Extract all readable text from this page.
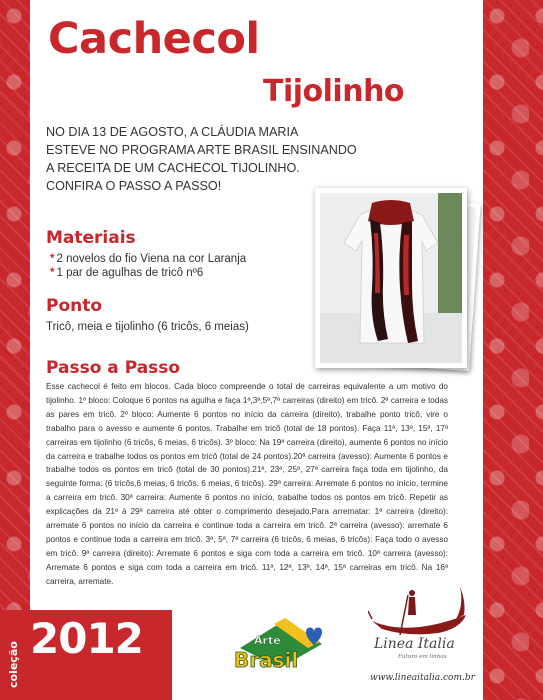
Cachecol
Tijolinho

NO DIA 13 DE AGOSTO, A CLÁUDIA MARIA
ESTEVE NO PROGRAMA ARTE BRASIL ENSINANDO
A RECEITA DE UM CACHECOL TIJOLINHO.
CONFIRA O PASSO A PASSO!

Materiais
* 2 novelos do fio Viena na cor Laranja
* 1 par de agulhas de tricô nº6
Ponto

Tricô, meia e tijolinho (6 tricôs, 6 meias)

Passo a Passo

Esse cachecol é feito em blocos. Cada bloco compreende o total de carreiras equivalente a um motivo do tijolinho. 1º bloco: Coloque 6 pontos na agulha e faça 1ª,3ª,5ª,7ª carreiras (direito) em tricô. 2ª carreira e todas as pares em tricô. 2º bloco: Aumente 6 pontos no início da carreira (direito), trabalhe ponto tricô, vire o trabalho para o avesso e aumente 6 pontos. Trabalhe em tricô (total de 18 pontos). Faça 11ª, 13ª, 15ª, 17ª carreiras em tijolinho (6 tricôs, 6 meias, 6 tricôs). 3º bloco: Na 19ª carreira (direito), aumente 6 pontos no início da carreira e trabalhe todos os pontos em tricô (total de 24 pontos).20ª carreira (avesso): Aumente 6 pontos e trabalhe todos os pontos em tricô (total de 30 pontos).21ª, 23ª, 25ª, 27ª carreira faça toda em tijolinho, da seguinte forma: (6 tricôs,6 meias, 6 tricôs, 6 meias, 6 tricôs). 29ª carreira: Arremate 6 pontos no início, termine a carreira em tricô. 30ª carreira: Aumente 6 pontos no início, trabalhe todos os pontos em tricô. Repetir as explicações da 21ª à 29ª carreira até obter o comprimento desejado.Para arrematar: 1ª carreira (direito): arremate 6 pontos no início da carreira e continue toda a carreira em tricô. 2ª carreira (avesso): arremate 6 pontos e continue toda a carreira em tricô. 3ª, 5ª, 7ª carreira (6 tricôs, 6 meias, 6 tricôs): Faça todo o avesso em tricô. 9ª carreira (direito): Arremate 6 pontos e siga com toda a carreira em tricô. 10ª carreira (avesso): Arremate 6 pontos e siga com toda a carreira em tricô. 11ª, 12ª, 13ª, 14ª, 15ª carreiras em tricô. Na 16ª carreira, arremate.

coleção
2012	Arte
Brasil
Linea Italia
Futuro em linhas
www.lineaitalia.com.br
